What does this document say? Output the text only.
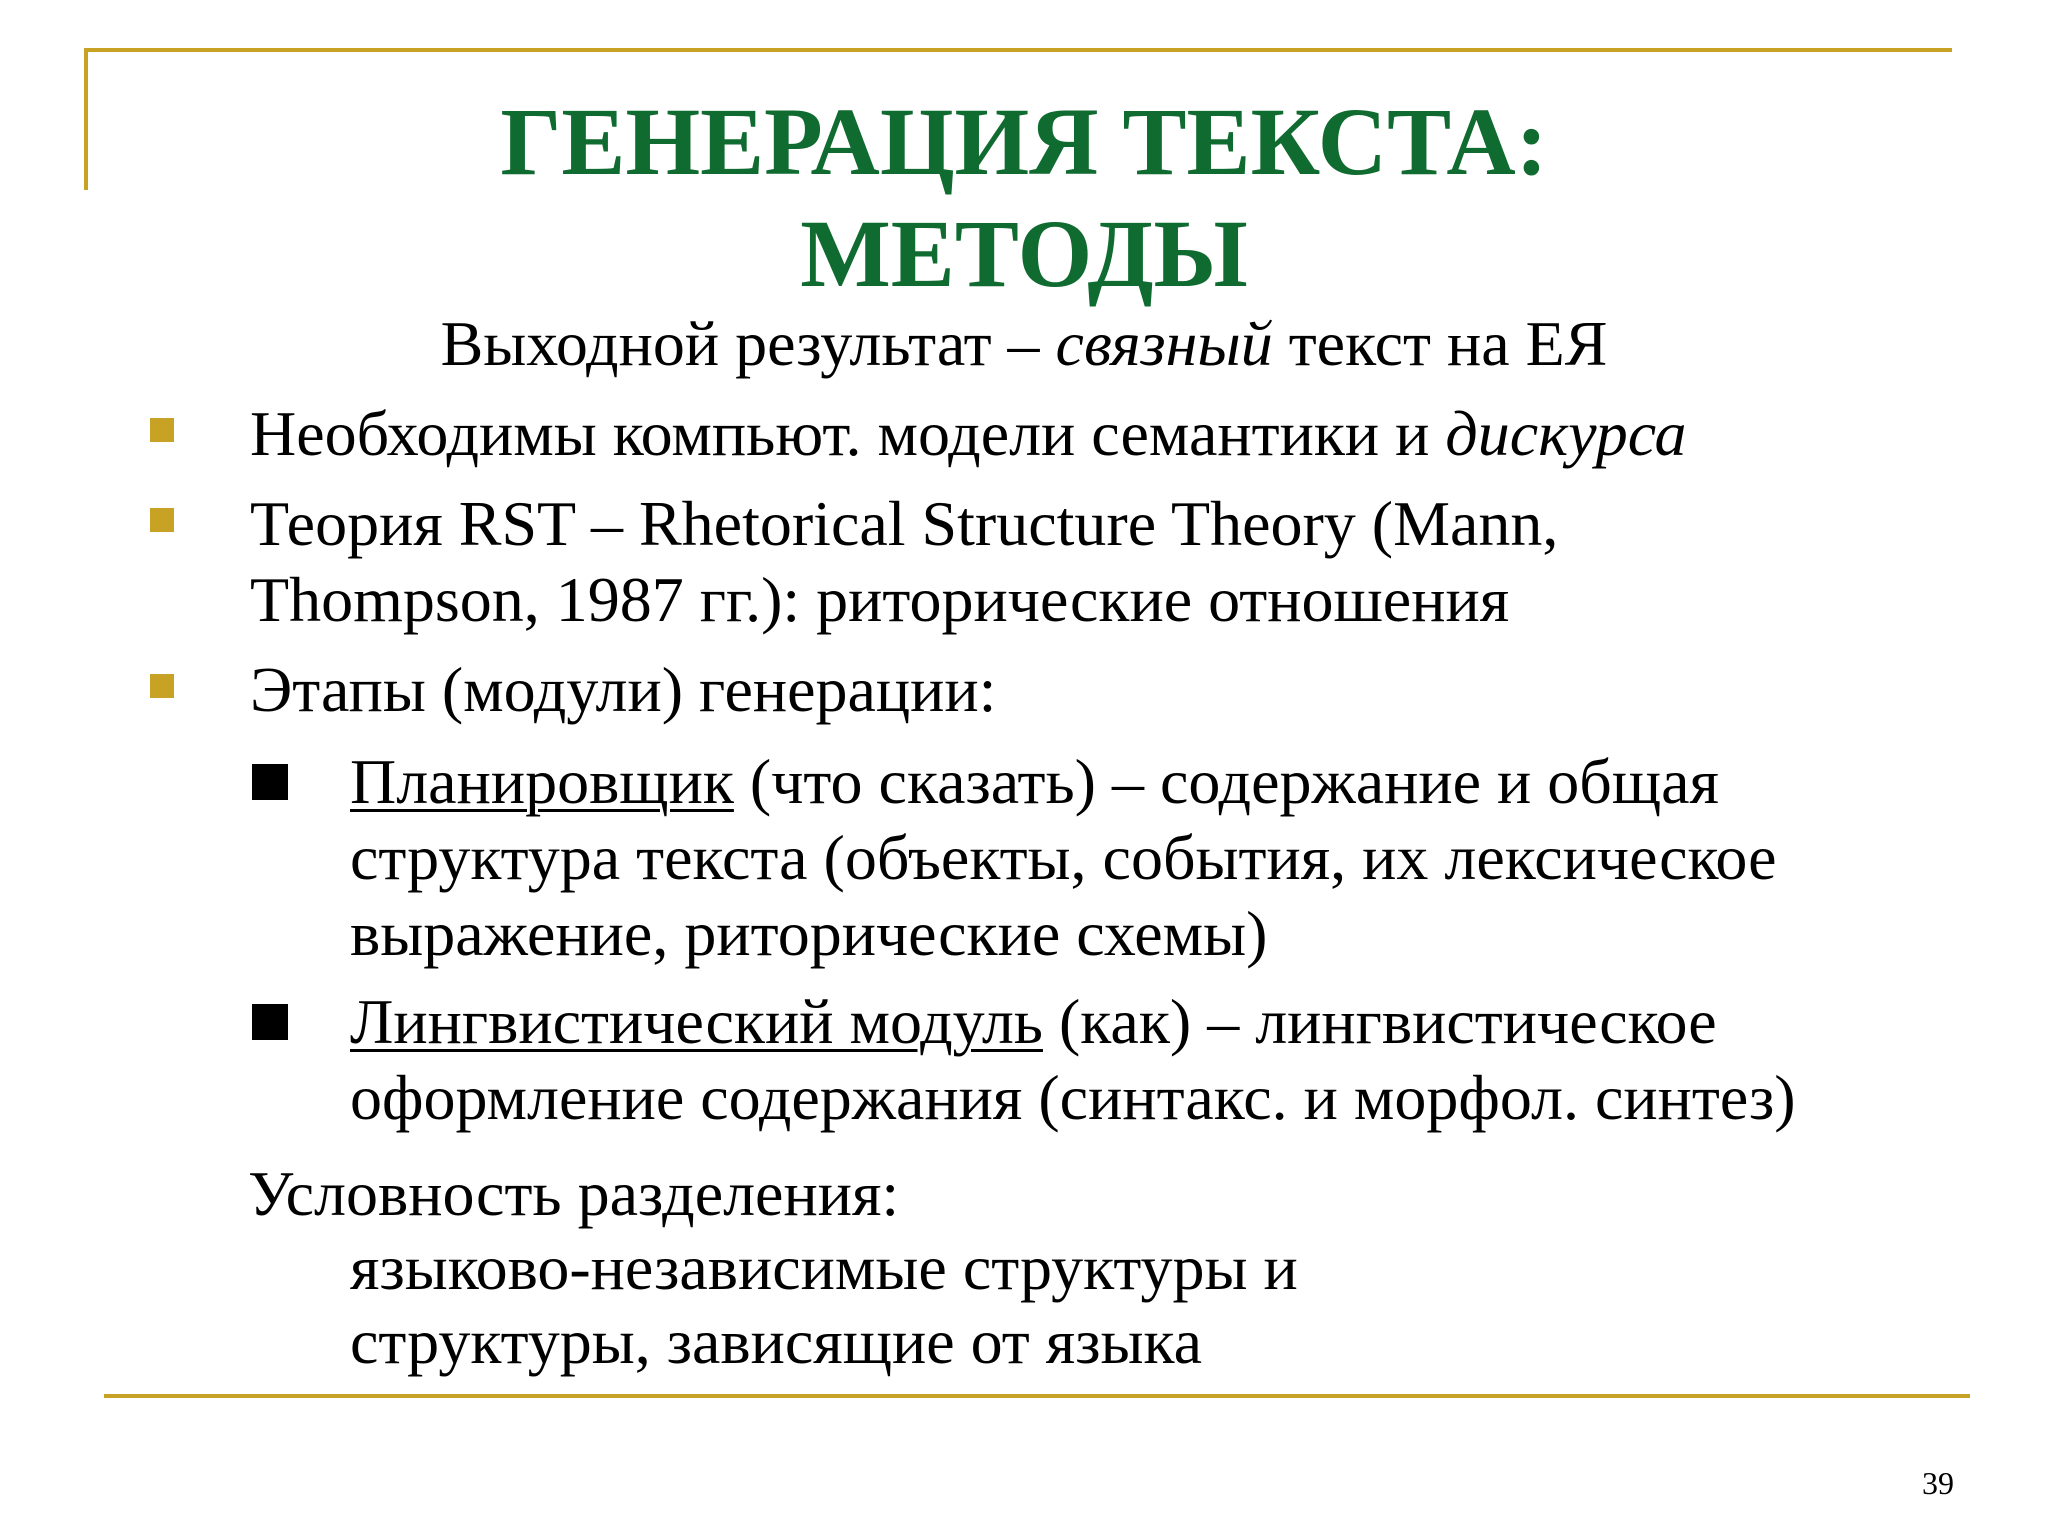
ГЕНЕРАЦИЯ ТЕКСТА:
МЕТОДЫ
Выходной результат – связный текст на ЕЯ
Необходимы компьют. модели семантики и дискурса
Теория RST – Rhetorical Structure Theory (Mann,
Thompson, 1987 гг.): риторические отношения
Этапы (модули) генерации:
Планировщик (что сказать) – содержание и общая
структура текста (объекты, события, их лексическое
выражение, риторические схемы)
Лингвистический модуль (как) – лингвистическое
оформление содержания (синтакс. и морфол. синтез)
Условность разделения:
языково-независимые структуры и
структуры, зависящие от языка
39
